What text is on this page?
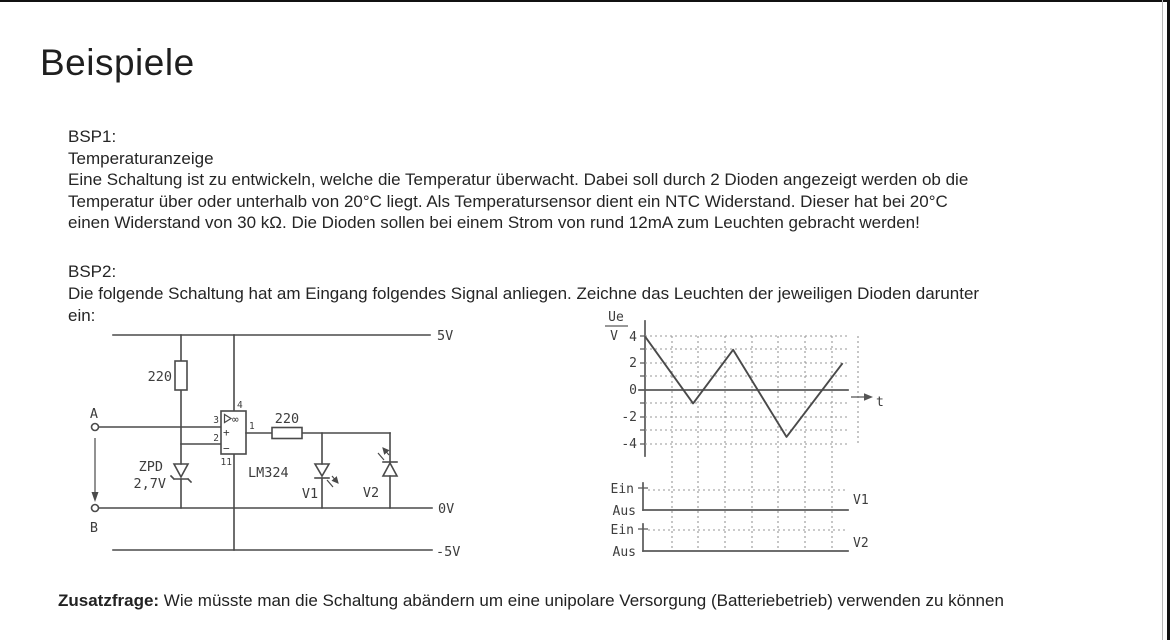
Beispiele
BSP1:
Temperaturanzeige
Eine Schaltung ist zu entwickeln, welche die Temperatur überwacht. Dabei soll durch 2 Dioden angezeigt werden ob die
Temperatur über oder unterhalb von 20°C liegt. Als Temperatursensor dient ein NTC Widerstand. Dieser hat bei 20°C
einen Widerstand von 30 kΩ. Die Dioden sollen bei einem Strom von rund 12mA zum Leuchten gebracht werden!
BSP2:
Die folgende Schaltung hat am Eingang folgendes Signal anliegen. Zeichne das Leuchten der jeweiligen Dioden darunter
ein:
Zusatzfrage: Wie müsste man die Schaltung abändern um eine unipolare Versorgung (Batteriebetrieb) verwenden zu können
5V
0V
-5V
220
ZPD
2,7V
A
B
∞
+
−
4
3
2
1
11
LM324
220
V1	V2
Ue
V 4
2
0
-2
-4
t
Ein
Aus
V1
Ein
Aus
V2
